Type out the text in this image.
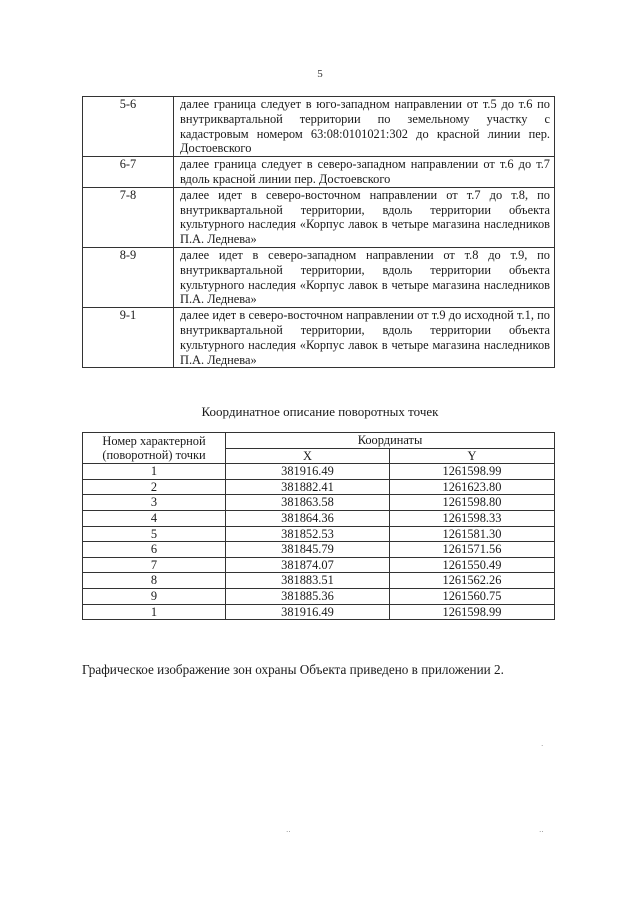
5
5-6	далее граница следует в юго-западном направлении от т.5 до т.6 по внутриквартальной территории по земельному участку с кадастровым номером 63:08:0101021:302 до красной линии пер. Достоевского
6-7	далее граница следует в северо-западном направлении от т.6 до т.7 вдоль красной линии пер. Достоевского
7-8	далее идет в северо-восточном направлении от т.7 до т.8, по внутриквартальной территории, вдоль территории объекта культурного наследия «Корпус лавок в четыре магазина наследников П.А. Леднева»
8-9	далее идет в северо-западном направлении от т.8 до т.9, по внутриквартальной территории, вдоль территории объекта культурного наследия «Корпус лавок в четыре магазина наследников П.А. Леднева»
9-1	далее идет в северо-восточном направлении от т.9 до исходной т.1, по внутриквартальной территории, вдоль территории объекта культурного наследия «Корпус лавок в четыре магазина наследников П.А. Леднева»
Координатное описание поворотных точек
Номер характерной
(поворотной) точки	Координаты	
	X	Y
1	381916.49	1261598.99
2	381882.41	1261623.80
3	381863.58	1261598.80
4	381864.36	1261598.33
5	381852.53	1261581.30
6	381845.79	1261571.56
7	381874.07	1261550.49
8	381883.51	1261562.26
9	381885.36	1261560.75
1	381916.49	1261598.99
Графическое изображение зон охраны Объекта приведено в приложении 2.
·
··	··
